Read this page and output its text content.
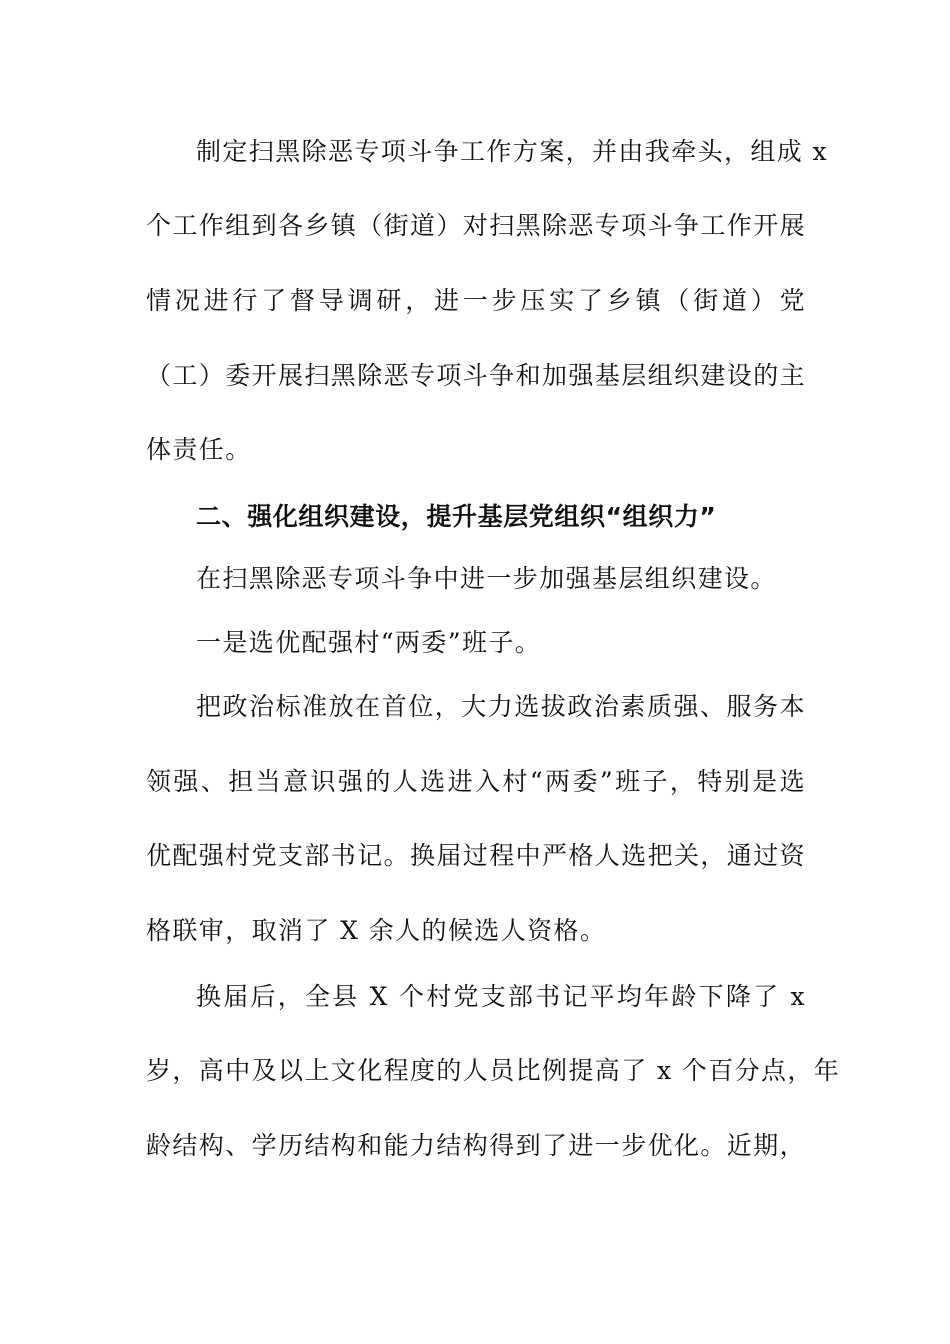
制定扫黑除恶专项斗争工作方案，并由我牵头，组成 x
个工作组到各乡镇（街道）对扫黑除恶专项斗争工作开展
情况进行了督导调研，进一步压实了乡镇（街道）党
（工）委开展扫黑除恶专项斗争和加强基层组织建设的主
体责任。
二、强化组织建设，提升基层党组织“组织力”
在扫黑除恶专项斗争中进一步加强基层组织建设。
一是选优配强村“两委”班子。
把政治标准放在首位，大力选拔政治素质强、服务本
领强、担当意识强的人选进入村“两委”班子，特别是选
优配强村党支部书记。换届过程中严格人选把关，通过资
格联审，取消了 X 余人的候选人资格。
换届后，全县 X 个村党支部书记平均年龄下降了 x
岁，高中及以上文化程度的人员比例提高了 x 个百分点，年
龄结构、学历结构和能力结构得到了进一步优化。近期，
